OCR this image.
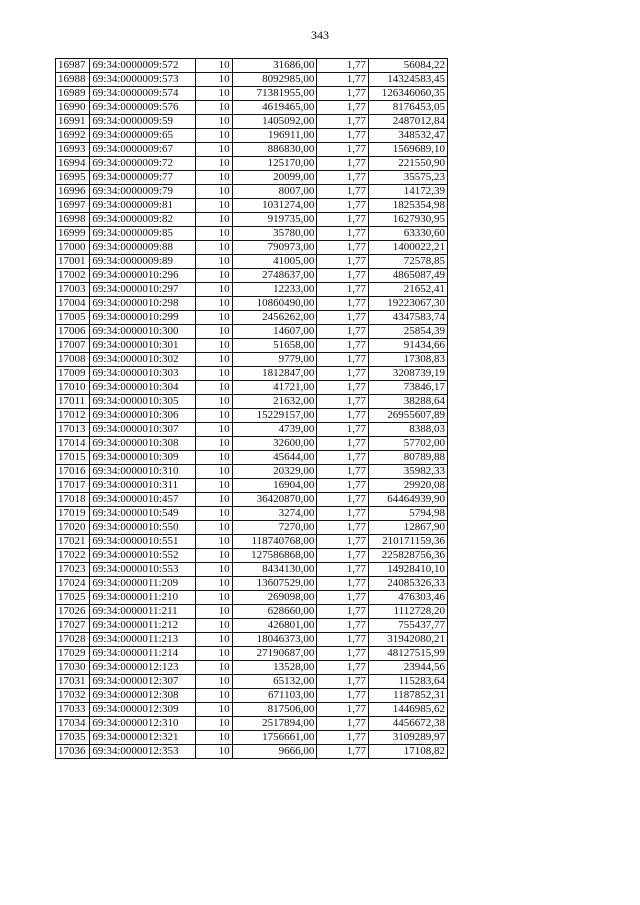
343
16987	69:34:0000009:572	10	31686,00	1,77	56084,22
16988	69:34:0000009:573	10	8092985,00	1,77	14324583,45
16989	69:34:0000009:574	10	71381955,00	1,77	126346060,35
16990	69:34:0000009:576	10	4619465,00	1,77	8176453,05
16991	69:34:0000009:59	10	1405092,00	1,77	2487012,84
16992	69:34:0000009:65	10	196911,00	1,77	348532,47
16993	69:34:0000009:67	10	886830,00	1,77	1569689,10
16994	69:34:0000009:72	10	125170,00	1,77	221550,90
16995	69:34:0000009:77	10	20099,00	1,77	35575,23
16996	69:34:0000009:79	10	8007,00	1,77	14172,39
16997	69:34:0000009:81	10	1031274,00	1,77	1825354,98
16998	69:34:0000009:82	10	919735,00	1,77	1627930,95
16999	69:34:0000009:85	10	35780,00	1,77	63330,60
17000	69:34:0000009:88	10	790973,00	1,77	1400022,21
17001	69:34:0000009:89	10	41005,00	1,77	72578,85
17002	69:34:0000010:296	10	2748637,00	1,77	4865087,49
17003	69:34:0000010:297	10	12233,00	1,77	21652,41
17004	69:34:0000010:298	10	10860490,00	1,77	19223067,30
17005	69:34:0000010:299	10	2456262,00	1,77	4347583,74
17006	69:34:0000010:300	10	14607,00	1,77	25854,39
17007	69:34:0000010:301	10	51658,00	1,77	91434,66
17008	69:34:0000010:302	10	9779,00	1,77	17308,83
17009	69:34:0000010:303	10	1812847,00	1,77	3208739,19
17010	69:34:0000010:304	10	41721,00	1,77	73846,17
17011	69:34:0000010:305	10	21632,00	1,77	38288,64
17012	69:34:0000010:306	10	15229157,00	1,77	26955607,89
17013	69:34:0000010:307	10	4739,00	1,77	8388,03
17014	69:34:0000010:308	10	32600,00	1,77	57702,00
17015	69:34:0000010:309	10	45644,00	1,77	80789,88
17016	69:34:0000010:310	10	20329,00	1,77	35982,33
17017	69:34:0000010:311	10	16904,00	1,77	29920,08
17018	69:34:0000010:457	10	36420870,00	1,77	64464939,90
17019	69:34:0000010:549	10	3274,00	1,77	5794,98
17020	69:34:0000010:550	10	7270,00	1,77	12867,90
17021	69:34:0000010:551	10	118740768,00	1,77	210171159,36
17022	69:34:0000010:552	10	127586868,00	1,77	225828756,36
17023	69:34:0000010:553	10	8434130,00	1,77	14928410,10
17024	69:34:0000011:209	10	13607529,00	1,77	24085326,33
17025	69:34:0000011:210	10	269098,00	1,77	476303,46
17026	69:34:0000011:211	10	628660,00	1,77	1112728,20
17027	69:34:0000011:212	10	426801,00	1,77	755437,77
17028	69:34:0000011:213	10	18046373,00	1,77	31942080,21
17029	69:34:0000011:214	10	27190687,00	1,77	48127515,99
17030	69:34:0000012:123	10	13528,00	1,77	23944,56
17031	69:34:0000012:307	10	65132,00	1,77	115283,64
17032	69:34:0000012:308	10	671103,00	1,77	1187852,31
17033	69:34:0000012:309	10	817506,00	1,77	1446985,62
17034	69:34:0000012:310	10	2517894,00	1,77	4456672,38
17035	69:34:0000012:321	10	1756661,00	1,77	3109289,97
17036	69:34:0000012:353	10	9666,00	1,77	17108,82
